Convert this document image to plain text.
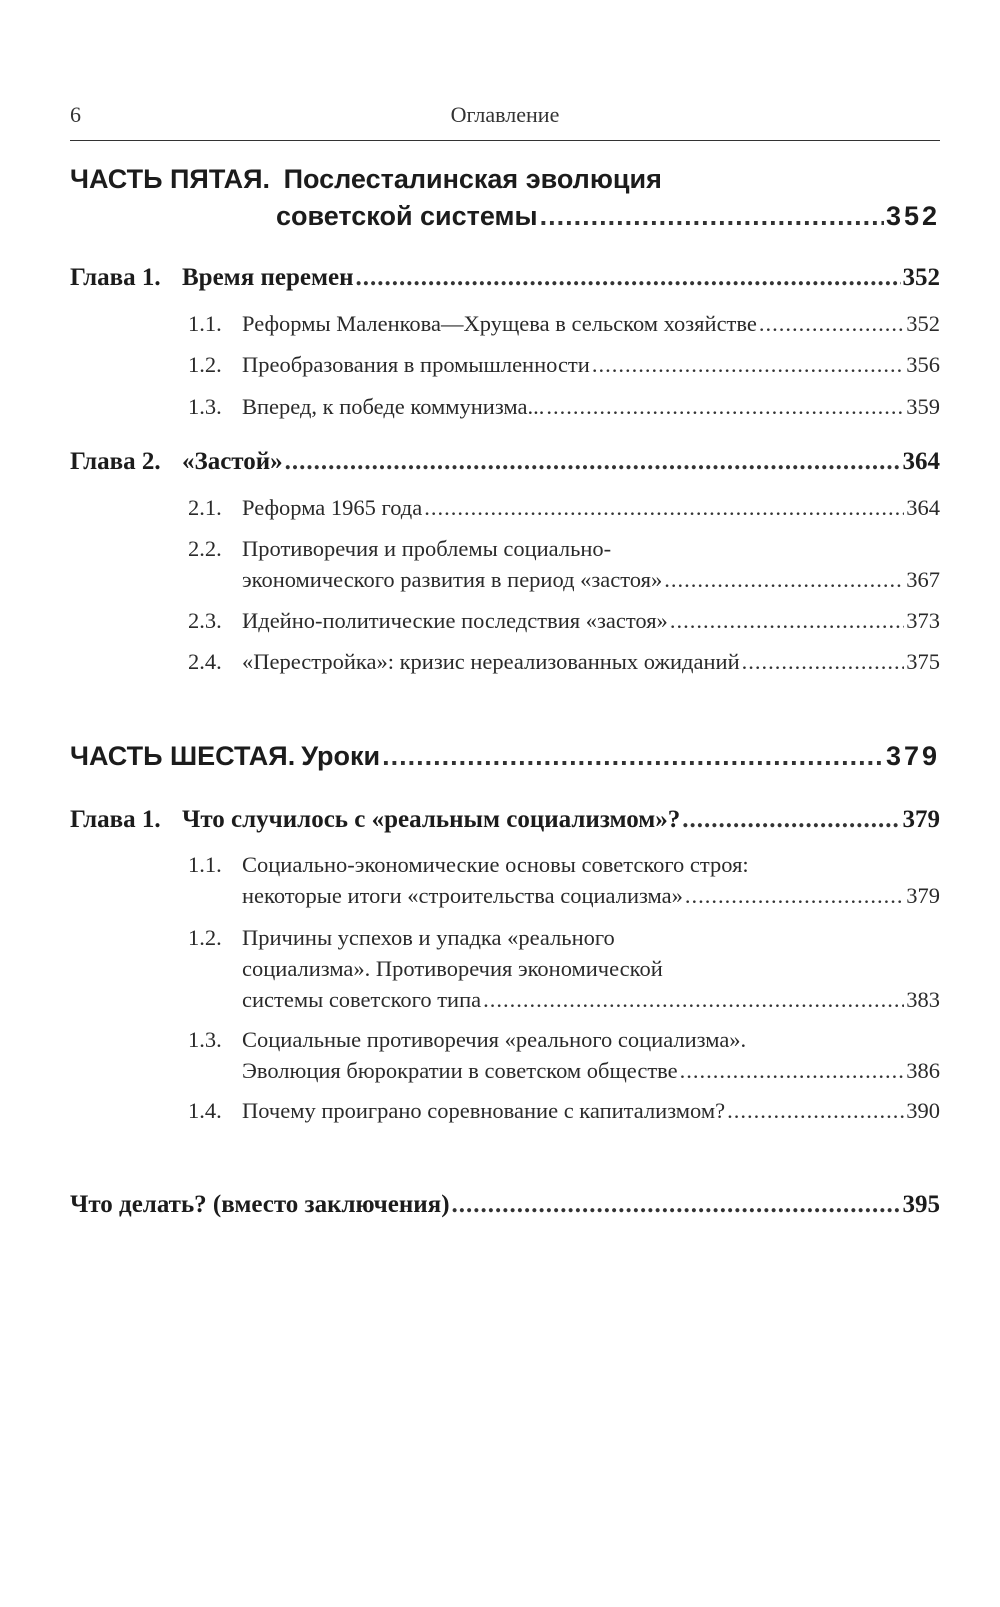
6	Оглавление
ЧАСТЬ ПЯТАЯ. Послесталинская эволюция
советской системы .....	352
Глава 1. Время перемен .....	352
1.1. Реформы Маленкова—Хрущева в сельском хозяйстве .....	352
1.2. Преобразования в промышленности .....	356
1.3. Вперед, к победе коммунизма... .....	359
Глава 2. «Застой» .....	364
2.1. Реформа 1965 года .....	364
2.2. Противоречия и проблемы социально-
экономического развития в период «застоя» .....	367
2.3. Идейно-политические последствия «застоя» .....	373
2.4. «Перестройка»: кризис нереализованных ожиданий .....	375
ЧАСТЬ ШЕСТАЯ. Уроки .....	379
Глава 1. Что случилось с «реальным социализмом»? .....	379
1.1. Социально-экономические основы советского строя:
некоторые итоги «строительства социализма» .....	379
1.2. Причины успехов и упадка «реального
социализма». Противоречия экономической
системы советского типа .....	383
1.3. Социальные противоречия «реального социализма».
Эволюция бюрократии в советском обществе .....	386
1.4. Почему проиграно соревнование с капитализмом? .....	390
Что делать? (вместо заключения) .....	395
